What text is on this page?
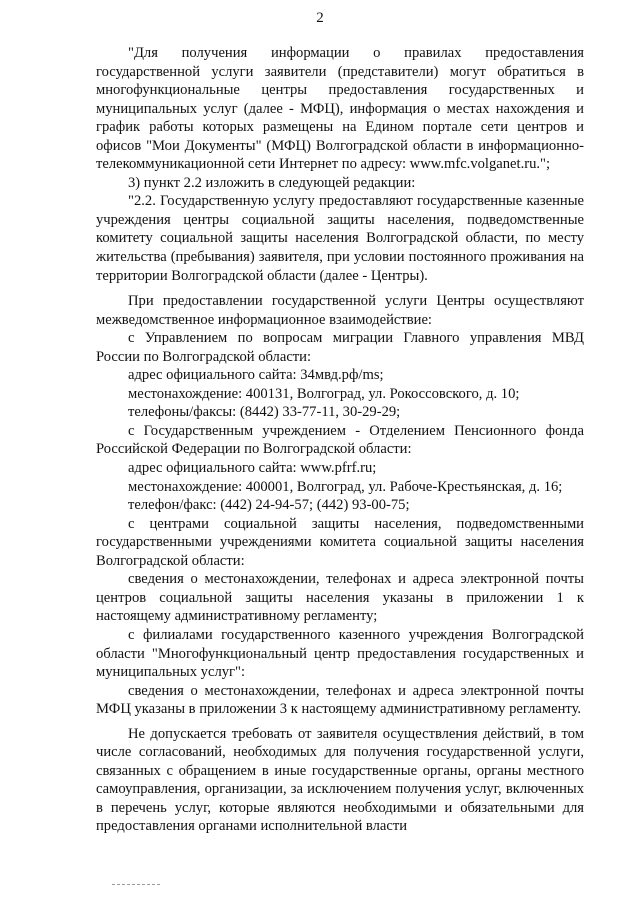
2

"Для получения информации о правилах предоставления государственной услуги заявители (представители) могут обратиться в многофункциональные центры предоставления государственных и муниципальных услуг (далее - МФЦ), информация о местах нахождения и график работы которых размещены на Едином портале сети центров и офисов "Мои Документы" (МФЦ) Волгоградской области в информационно-телекоммуникационной сети Интернет по адресу: www.mfc.volganet.ru.";

3) пункт 2.2 изложить в следующей редакции:

"2.2. Государственную услугу предоставляют государственные казенные учреждения центры социальной защиты населения, подведомственные комитету социальной защиты населения Волгоградской области, по месту жительства (пребывания) заявителя, при условии постоянного проживания на территории Волгоградской области (далее - Центры).

При предоставлении государственной услуги Центры осуществляют межведомственное информационное взаимодействие:

с Управлением по вопросам миграции Главного управления МВД России по Волгоградской области:

адрес официального сайта: 34мвд.рф/ms;

местонахождение: 400131, Волгоград, ул. Рокоссовского, д. 10;

телефоны/факсы: (8442) 33-77-11, 30-29-29;

с Государственным учреждением - Отделением Пенсионного фонда Российской Федерации по Волгоградской области:

адрес официального сайта: www.pfrf.ru;

местонахождение: 400001, Волгоград, ул. Рабоче-Крестьянская, д. 16;

телефон/факс: (442) 24-94-57; (442) 93-00-75;

с центрами социальной защиты населения, подведомственными государственными учреждениями комитета социальной защиты населения Волгоградской области:

сведения о местонахождении, телефонах и адреса электронной почты центров социальной защиты населения указаны в приложении 1 к настоящему административному регламенту;

с филиалами государственного казенного учреждения Волгоградской области "Многофункциональный центр предоставления государственных и муниципальных услуг":

сведения о местонахождении, телефонах и адреса электронной почты МФЦ указаны в приложении 3 к настоящему административному регламенту.

Не допускается требовать от заявителя осуществления действий, в том числе согласований, необходимых для получения государственной услуги, связанных с обращением в иные государственные органы, органы местного самоуправления, организации, за исключением получения услуг, включенных в перечень услуг, которые являются необходимыми и обязательными для предоставления органами исполнительной власти
